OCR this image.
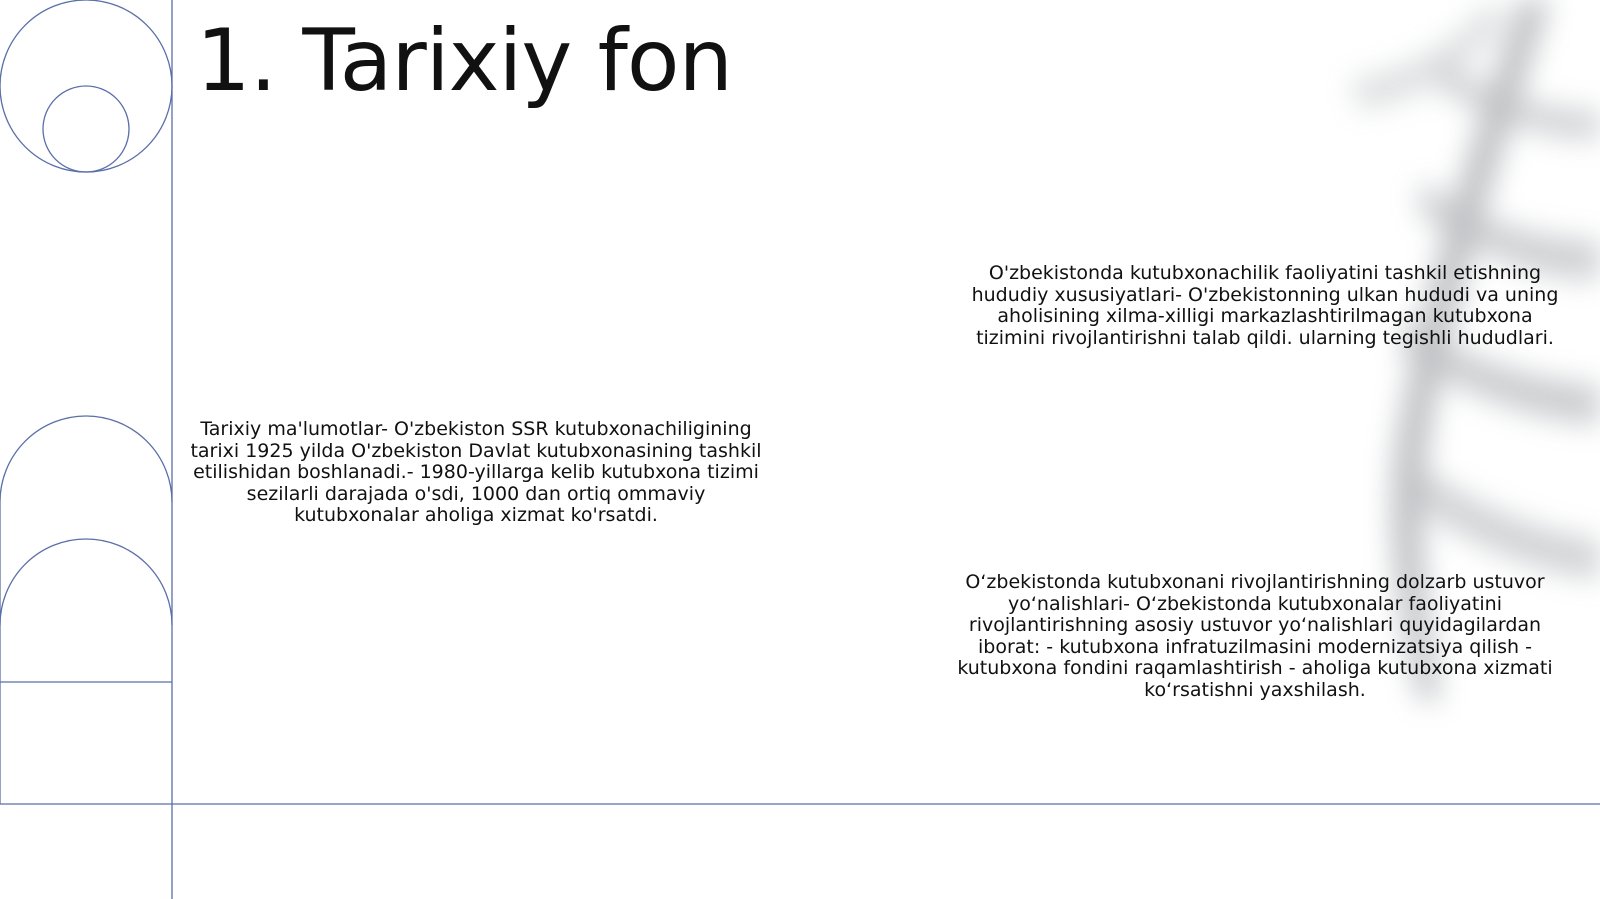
1. Tarixiy fon

Tarixiy ma'lumotlar- O'zbekiston SSR kutubxonachiligining tarixi 1925 yilda O'zbekiston Davlat kutubxonasining tashkil etilishidan boshlanadi.- 1980-yillarga kelib kutubxona tizimi sezilarli darajada o'sdi, 1000 dan ortiq ommaviy kutubxonalar aholiga xizmat ko'rsatdi.

O'zbekistonda kutubxonachilik faoliyatini tashkil etishning hududiy xususiyatlari- O'zbekistonning ulkan hududi va uning aholisining xilma-xilligi markazlashtirilmagan kutubxona tizimini rivojlantirishni talab qildi. ularning tegishli hududlari.

O‘zbekistonda kutubxonani rivojlantirishning dolzarb ustuvor yo‘nalishlari- O‘zbekistonda kutubxonalar faoliyatini rivojlantirishning asosiy ustuvor yo‘nalishlari quyidagilardan iborat: - kutubxona infratuzilmasini modernizatsiya qilish - kutubxona fondini raqamlashtirish - aholiga kutubxona xizmati ko‘rsatishni yaxshilash.
